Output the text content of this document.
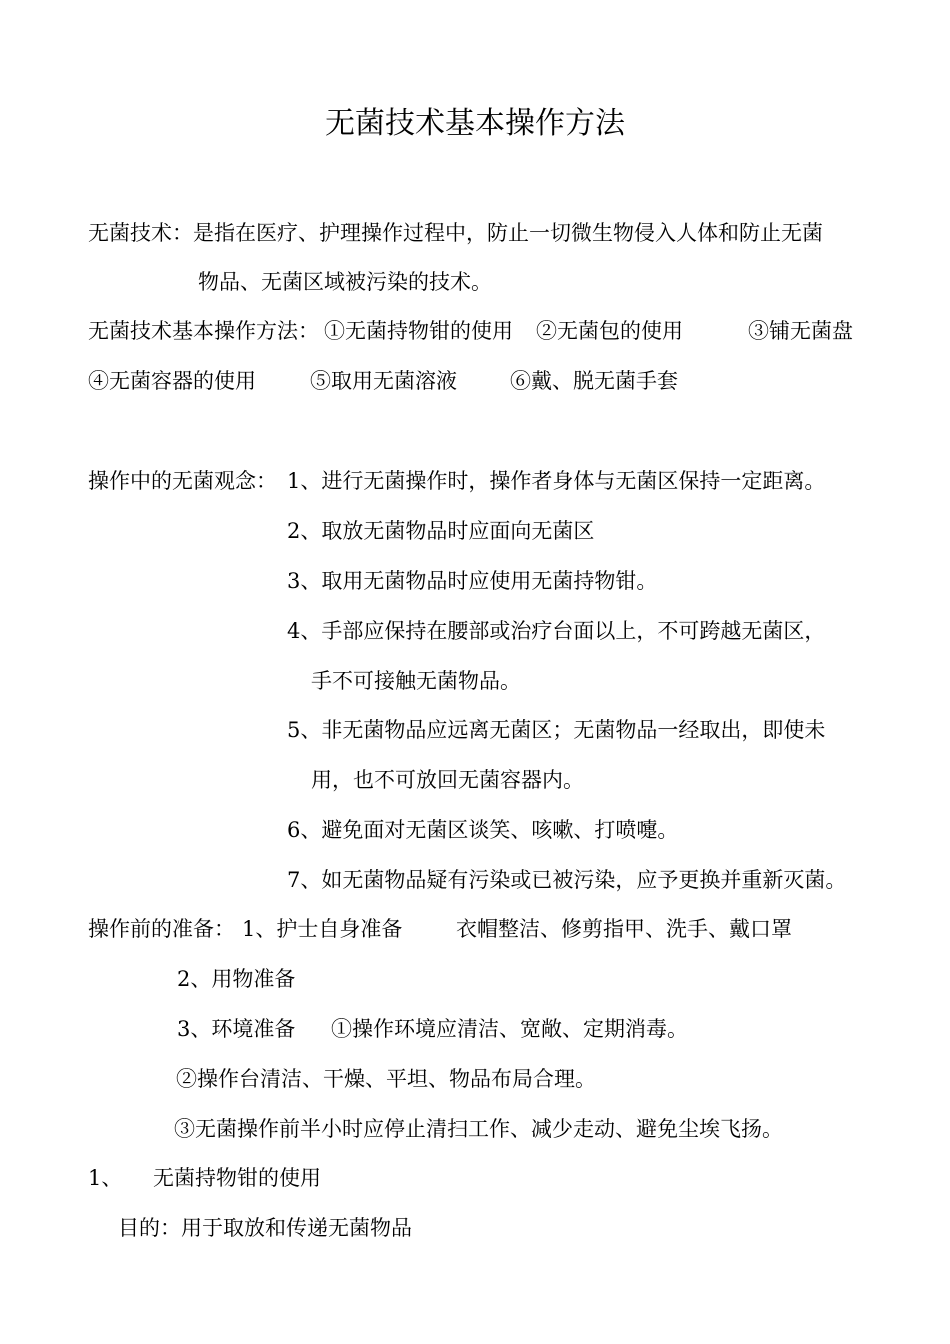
无菌技术基本操作方法
无菌技术：是指在医疗、护理操作过程中，防止一切微生物侵入人体和防止无菌
物品、无菌区域被污染的技术。
无菌技术基本操作方法： ①无菌持物钳的使用 ②无菌包的使用	③铺无菌盘
④无菌容器的使用	⑤取用无菌溶液	⑥戴、脱无菌手套
操作中的无菌观念： 1、进行无菌操作时，操作者身体与无菌区保持一定距离。
2、取放无菌物品时应面向无菌区
3、取用无菌物品时应使用无菌持物钳。
4、手部应保持在腰部或治疗台面以上，不可跨越无菌区，
手不可接触无菌物品。
5、非无菌物品应远离无菌区；无菌物品一经取出，即使未
用，也不可放回无菌容器内。
6、避免面对无菌区谈笑、咳嗽、打喷嚏。
7、如无菌物品疑有污染或已被污染，应予更换并重新灭菌。
操作前的准备： 1、护士自身准备	衣帽整洁、修剪指甲、洗手、戴口罩
2、用物准备
3、环境准备 ①操作环境应清洁、宽敞、定期消毒。
②操作台清洁、干燥、平坦、物品布局合理。
③无菌操作前半小时应停止清扫工作、减少走动、避免尘埃飞扬。
1、 无菌持物钳的使用
目的：用于取放和传递无菌物品
